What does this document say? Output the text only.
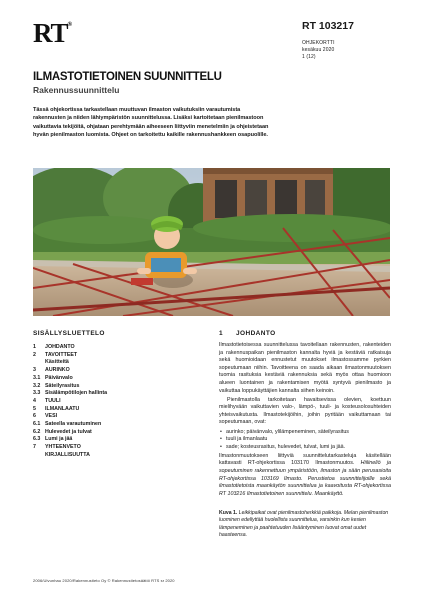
RT®	RT 103217
OHJEKORTTI
kesäkuu 2020
1 (12)
ILMASTOTIETOINEN SUUNNITTELU
Rakennussuunnittelu
Tässä ohjekortissa tarkastellaan muuttuvan ilmaston vaikutuksiin varautumista rakennusten ja niiden lähiympäristön suunnittelussa. Lisäksi kartoitetaan pienilmastoon vaikuttavia tekijöitä, ohjataan perehtymään aiheeseen liittyviin menetelmiin ja ohjeistetaan hyvän pienilmaston luomista. Ohjeet on tarkoitettu kaikille rakennushankkeen osapuolille.
SISÄLLYSLUETTELO
1	JOHDANTO
2	TAVOITTEET
Käsitteitä
3	AURINKO
3.1 Päivänvalo
3.2 Säteilyrasitus
3.3 Sisälämpötilojen hallinta
4	TUULI
5	ILMANLAATU
6	VESI
6.1 Sateella varautuminen
6.2 Hulevedet ja tulvat
6.3 Lumi ja jää
7	YHTEENVETO
KIRJALLISUUTTA
1 JOHDANTO

Ilmastotietoisessa suunnittelussa tavoitellaan rakennusten, rakenteiden ja rakennuspaikan pienilmaston kannalta hyviä ja kestäviä ratkaisuja sekä huomioidaan ennustetut muutokset ilmastossamme pyrkien sopeutumaan niihin. Tavoitteena on saada aikaan ilmastonmuutoksen tuomia rasituksia kestäviä rakennuksia sekä myös ottaa huomioon alueen luontainen ja rakentamisen myötä syntyvä pienilmasto ja vaikuttaa loppukäyttäjien kannalta siihen keinoin.

Pienilmastolla tarkoitetaan havaitsevissa olevien, koettuun mielihyvään vaikuttavien valo-, lämpö-, tuuli- ja kosteusolosuhteiden yhteisvaikutusta. Ilmastotekijöihin, joihin pyritään vaikuttamaan tai sopeutumaan, ovat:

• aurinko; päivänvalo, ylilämpeneminen, säteilyrasitus
• tuuli ja ilmanlaatu
• sade; kosteusrasitus, hulevedet, tulvat, lumi ja jää.

Ilmastonmuutokseen liittyviä suunnittelutarkasteluja käsitellään kattavasti RT-ohjekortissa 103170 Ilmastonmuutos. Hiilineliö ja sopeutuminen rakennettuun ympäristöön, ilmaston ja sään perusasioita RT-ohjekortissa 103169 Ilmasto. Perustietoa suunnittelijoille sekä ilmastotietoista maankäytön suunnittelua ja kaavoitusta RT-ohjekortissa RT 103216 Ilmastotietoinen suunnittelu. Maankäyttö.

Kuva 1. Leikkipaikat ovat pienilmastoherkkiä paikkoja. Melan pienilmaston luominen edellyttää huolellista suunnittelua, varsinkin kun kesien lämpeneminen ja paahtetuuden lisääntyminen luovat omat uudet haasteensa.
2006/Ulvunhau 2020/Rakennustieto Oy © Rakennustietosäätiö RTS sr 2020
